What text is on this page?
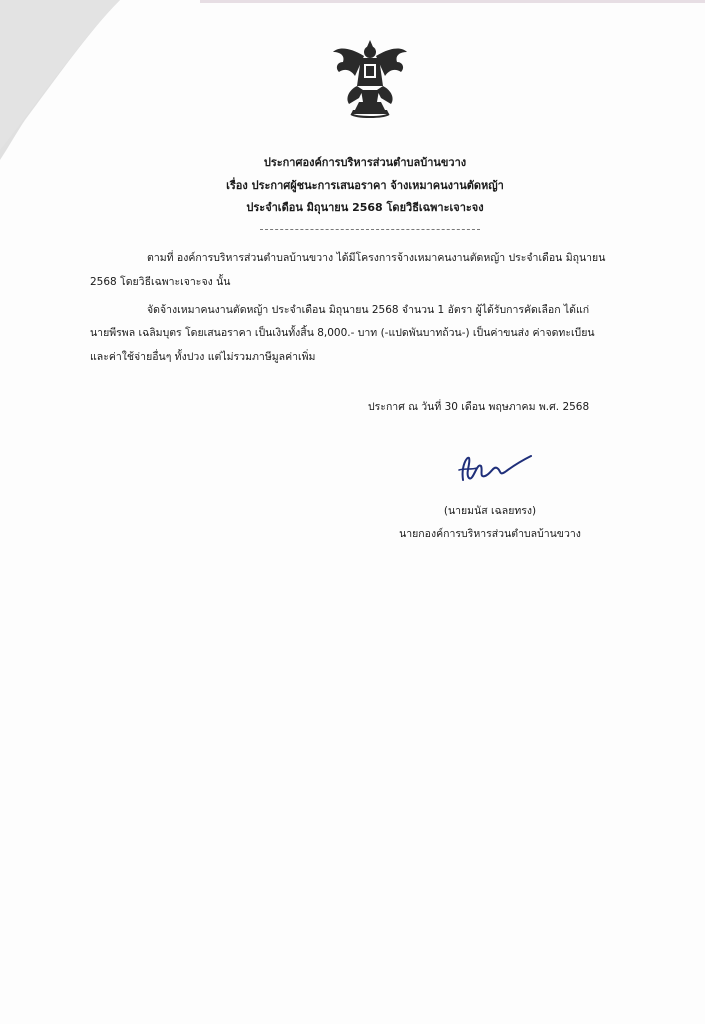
ประกาศองค์การบริหารส่วนตำบลบ้านขวาง
เรื่อง ประกาศผู้ชนะการเสนอราคา จ้างเหมาคนงานตัดหญ้า
ประจำเดือน มิถุนายน 2568 โดยวิธีเฉพาะเจาะจง
ตามที่ องค์การบริหารส่วนตำบลบ้านขวาง ได้มีโครงการจ้างเหมาคนงานตัดหญ้า ประจำเดือน มิถุนายน
2568 โดยวิธีเฉพาะเจาะจง นั้น
จัดจ้างเหมาคนงานตัดหญ้า ประจำเดือน มิถุนายน 2568 จำนวน 1 อัตรา ผู้ได้รับการคัดเลือก ได้แก่
นายพีรพล เฉลิมบุตร โดยเสนอราคา เป็นเงินทั้งสิ้น 8,000.- บาท (-แปดพันบาทถ้วน-) เป็นค่าขนส่ง ค่าจดทะเบียน
และค่าใช้จ่ายอื่นๆ ทั้งปวง แต่ไม่รวมภาษีมูลค่าเพิ่ม
ประกาศ ณ วันที่ 30 เดือน พฤษภาคม พ.ศ. 2568
(นายมนัส เฉลยทรง)
นายกองค์การบริหารส่วนตำบลบ้านขวาง
